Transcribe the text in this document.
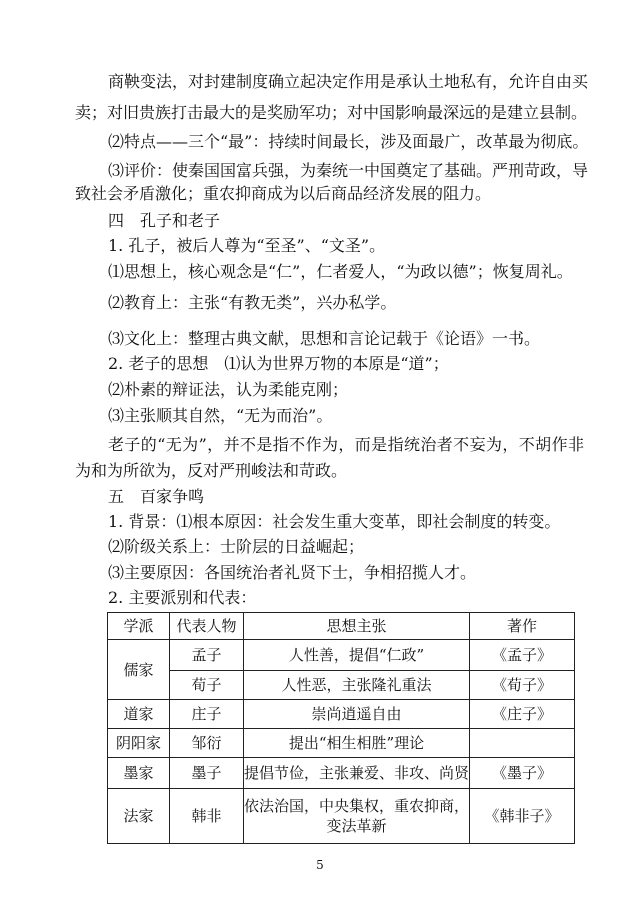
商鞅变法，对封建制度确立起决定作用是承认土地私有，允许自由买
卖；对旧贵族打击最大的是奖励军功；对中国影响最深远的是建立县制。
⑵特点——三个“最”：持续时间最长，涉及面最广，改革最为彻底。
⑶评价：使秦国国富兵强，为秦统一中国奠定了基础。严刑苛政，导
致社会矛盾激化；重农抑商成为以后商品经济发展的阻力。
四　孔子和老子
1. 孔子，被后人尊为“至圣”、“文圣”。
⑴思想上，核心观念是“仁”，仁者爱人，“为政以德”；恢复周礼。
⑵教育上：主张“有教无类”，兴办私学。
⑶文化上：整理古典文献，思想和言论记载于《论语》一书。
2. 老子的思想　⑴认为世界万物的本原是“道”；
⑵朴素的辩证法，认为柔能克刚；
⑶主张顺其自然，“无为而治”。
老子的“无为”，并不是指不作为，而是指统治者不妄为，不胡作非
为和为所欲为，反对严刑峻法和苛政。
五　百家争鸣
1. 背景：⑴根本原因：社会发生重大变革，即社会制度的转变。
⑵阶级关系上：士阶层的日益崛起；
⑶主要原因：各国统治者礼贤下士，争相招揽人才。
2. 主要派别和代表：
学派	代表人物	思想主张	著作
儒家	孟子	人性善，提倡“仁政”	《孟子》
	荀子	人性恶，主张隆礼重法	《荀子》
道家	庄子	崇尚逍遥自由	《庄子》
阴阳家	邹衍	提出“相生相胜”理论	
墨家	墨子	提倡节俭，主张兼爱、非攻、尚贤	《墨子》
法家	韩非	依法治国，中央集权，重农抑商，变法革新	《韩非子》
5
